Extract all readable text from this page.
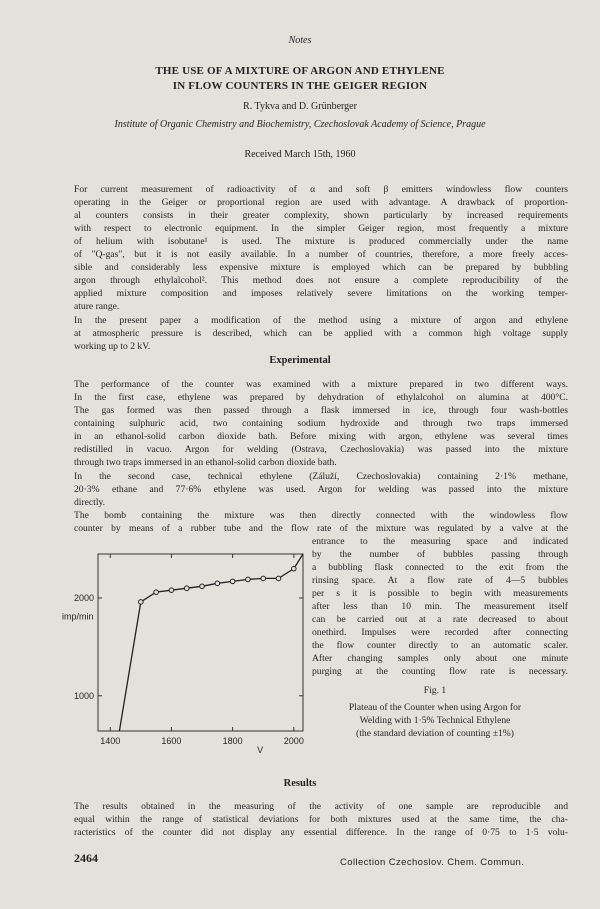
Notes
THE USE OF A MIXTURE OF ARGON AND ETHYLENE
IN FLOW COUNTERS IN THE GEIGER REGION
R. Tykva and D. Grünberger
Institute of Organic Chemistry and Biochemistry, Czechoslovak Academy of Science, Prague
Received March 15th, 1960
For current measurement of radioactivity of α and soft β emitters windowless flow counters
operating in the Geiger or proportional region are used with advantage. A drawback of proportion-
al counters consists in their greater complexity, shown particularly by increased requirements
with respect to electronic equipment. In the simpler Geiger region, most frequently a mixture
of helium with isobutane¹ is used. The mixture is produced commercially under the name
of "Q-gas", but it is not easily available. In a number of countries, therefore, a more freely acces-
sible and considerably less expensive mixture is employed which can be prepared by bubbling
argon through ethylalcohol². This method does not ensure a complete reproducibility of the
applied mixture composition and imposes relatively severe limitations on the working temper-
ature range.
In the present paper a modification of the method using a mixture of argon and ethylene
at atmospheric pressure is described, which can be applied with a common high voltage supply
working up to 2 kV.
Experimental
The performance of the counter was examined with a mixture prepared in two different ways.
In the first case, ethylene was prepared by dehydration of ethylalcohol on alumina at 400°C.
The gas formed was then passed through a flask immersed in ice, through four wash-bottles
containing sulphuric acid, two containing sodium hydroxide and through two traps immersed
in an ethanol-solid carbon dioxide bath. Before mixing with argon, ethylene was several times
redistilled in vacuo. Argon for welding (Ostrava, Czechoslovakia) was passed into the mixture
through two traps immersed in an ethanol-solid carbon dioxide bath.
In the second case, technical ethylene (Záluží, Czechoslovakia) containing 2·1% methane,
20·3% ethane and 77·6% ethylene was used. Argon for welding was passed into the mixture
directly.
The bomb containing the mixture was then directly connected with the windowless flow
counter by means of a rubber tube and the flow rate of the mixture was regulated by a valve at the
entrance to the measuring space and indicated
by the number of bubbles passing through
a bubbling flask connected to the exit from the
rinsing space. At a flow rate of 4—5 bubbles
per s it is possible to begin with measurements
after less than 10 min. The measurement itself
can be carried out at a rate decreased to about
onethird. Impulses were recorded after connecting
the flow counter directly to an automatic scaler.
After changing samples only about one minute
purging at the counting flow rate is necessary.
1400	1600	1800	2000
1000
2000
imp/min
V
Fig. 1
Plateau of the Counter when using Argon for
Welding with 1·5% Technical Ethylene
(the standard deviation of counting ±1%)
Results
The results obtained in the measuring of the activity of one sample are reproducible and
equal within the range of statistical deviations for both mixtures used at the same time, the cha-
racteristics of the counter did not display any essential difference. In the range of 0·75 to 1·5 volu-
2464	Collection Czechoslov. Chem. Commun.
